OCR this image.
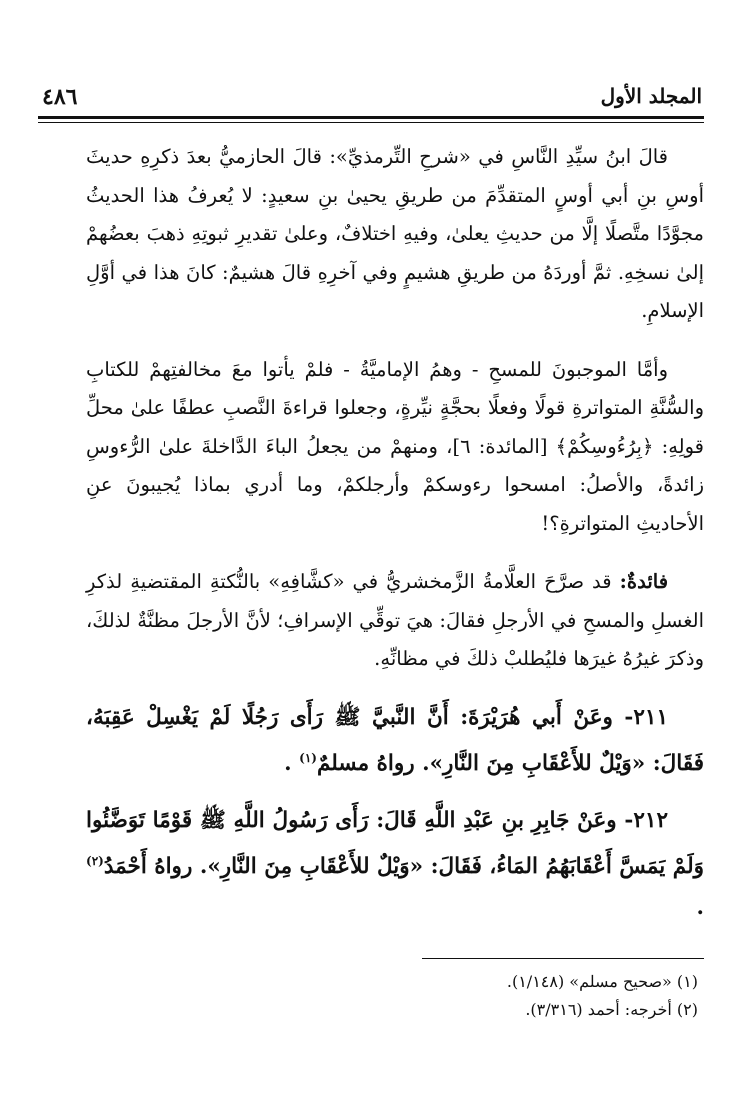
المجلد الأول
٤٨٦

قالَ ابنُ سيِّدِ النَّاسِ في «شرحِ التِّرمذيِّ»: قالَ الحازميُّ بعدَ ذكرِهِ حديثَ أوسِ بنِ أبي أوسٍ المتقدِّمَ من طريقِ يحيىٰ بنِ سعيدٍ: لا يُعرفُ هذا الحديثُ مجوَّدًا متَّصلًا إلَّا من حديثِ يعلىٰ، وفيهِ اختلافٌ، وعلىٰ تقديرِ ثبوتِهِ ذهبَ بعضُهمْ إلىٰ نسخِهِ. ثمَّ أوردَهُ من طريقِ هشيمٍ وفي آخرِهِ قالَ هشيمٌ: كانَ هذا في أوَّلِ الإسلامِ.

وأمَّا الموجبونَ للمسحِ - وهمُ الإماميَّةُ - فلمْ يأتوا معَ مخالفتِهمْ للكتابِ والسُّنَّةِ المتواترةِ قولًا وفعلًا بحجَّةٍ نيِّرةٍ، وجعلوا قراءةَ النَّصبِ عطفًا علىٰ محلِّ قولِهِ: ﴿بِرُءُوسِكُمْ﴾ [المائدة: ٦]، ومنهمْ من يجعلُ الباءَ الدَّاخلةَ علىٰ الرُّءوسِ زائدةً، والأصلُ: امسحوا رءوسكمْ وأرجلكمْ، وما أدري بماذا يُجيبونَ عنِ الأحاديثِ المتواترةِ؟!

فائدةٌ: قد صرَّحَ العلَّامةُ الزَّمخشريُّ في «كشَّافِهِ» بالنُّكتةِ المقتضيةِ لذكرِ الغسلِ والمسحِ في الأرجلِ فقالَ: هيَ توقِّي الإسرافِ؛ لأنَّ الأرجلَ مظنَّةٌ لذلكَ، وذكرَ غيرُهُ غيرَها فليُطلبْ ذلكَ في مظانِّهِ.

٢١١- وعَنْ أَبي هُرَيْرَةَ: أَنَّ النَّبيَّ ﷺ رَأَى رَجُلًا لَمْ يَغْسِلْ عَقِبَهُ، فَقَالَ: «وَيْلٌ للأَعْقَابِ مِنَ النَّارِ». رواهُ مسلمٌ$^{(١)}$ .

٢١٢- وعَنْ جَابِرِ بنِ عَبْدِ اللَّهِ قَالَ: رَأَى رَسُولُ اللَّهِ ﷺ قَوْمًا تَوَضَّئُوا وَلَمْ يَمَسَّ أَعْقَابَهُمُ المَاءُ، فَقَالَ: «وَيْلٌ للأَعْقَابِ مِنَ النَّارِ». رواهُ أَحْمَدُ$^{(٢)}$ .

(١) «صحيح مسلم» (١/١٤٨).

(٢) أخرجه: أحمد (٣/٣١٦).
